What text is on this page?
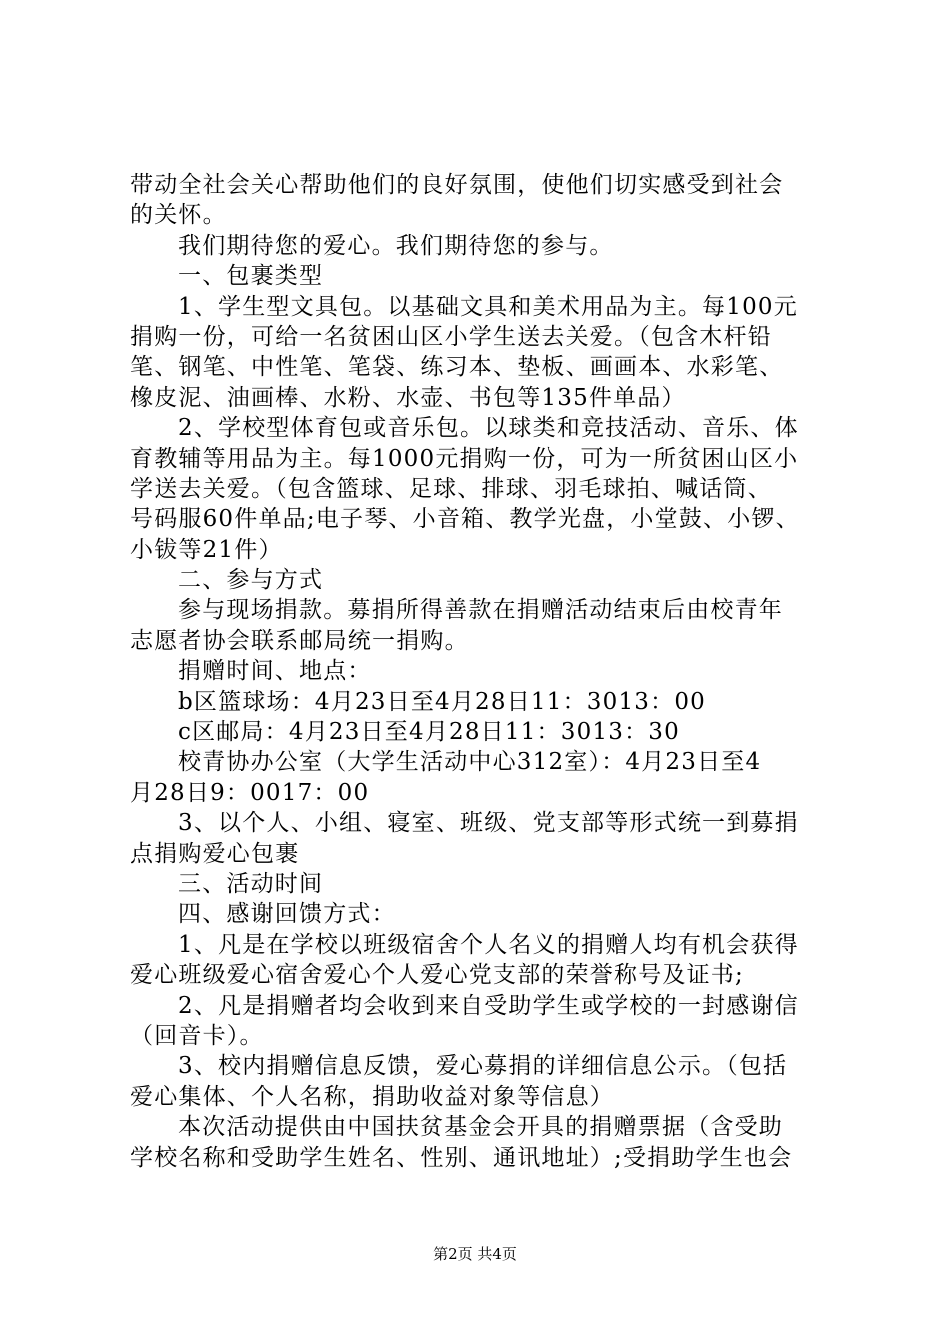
带动全社会关心帮助他们的良好氛围，使他们切实感受到社会
的关怀。
我们期待您的爱心。我们期待您的参与。
一、包裹类型
1、学生型文具包。以基础文具和美术用品为主。每100元
捐购一份，可给一名贫困山区小学生送去关爱。（包含木杆铅
笔、钢笔、中性笔、笔袋、练习本、垫板、画画本、水彩笔、
橡皮泥、油画棒、水粉、水壶、书包等135件单品）
2、学校型体育包或音乐包。以球类和竞技活动、音乐、体
育教辅等用品为主。每1000元捐购一份，可为一所贫困山区小
学送去关爱。（包含篮球、足球、排球、羽毛球拍、喊话筒、
号码服60件单品;电子琴、小音箱、教学光盘，小堂鼓、小锣、
小钹等21件）
二、参与方式
参与现场捐款。募捐所得善款在捐赠活动结束后由校青年
志愿者协会联系邮局统一捐购。
捐赠时间、地点：
b区篮球场：4月23日至4月28日11：3013：00
c区邮局：4月23日至4月28日11：3013：30
校青协办公室（大学生活动中心312室）：4月23日至4
月28日9：0017：00
3、以个人、小组、寝室、班级、党支部等形式统一到募捐
点捐购爱心包裹
三、活动时间
四、感谢回馈方式：
1、凡是在学校以班级宿舍个人名义的捐赠人均有机会获得
爱心班级爱心宿舍爱心个人爱心党支部的荣誉称号及证书;
2、凡是捐赠者均会收到来自受助学生或学校的一封感谢信
（回音卡）。
3、校内捐赠信息反馈，爱心募捐的详细信息公示。（包括
爱心集体、个人名称，捐助收益对象等信息）
本次活动提供由中国扶贫基金会开具的捐赠票据（含受助
学校名称和受助学生姓名、性别、通讯地址）;受捐助学生也会
第2页 共4页
